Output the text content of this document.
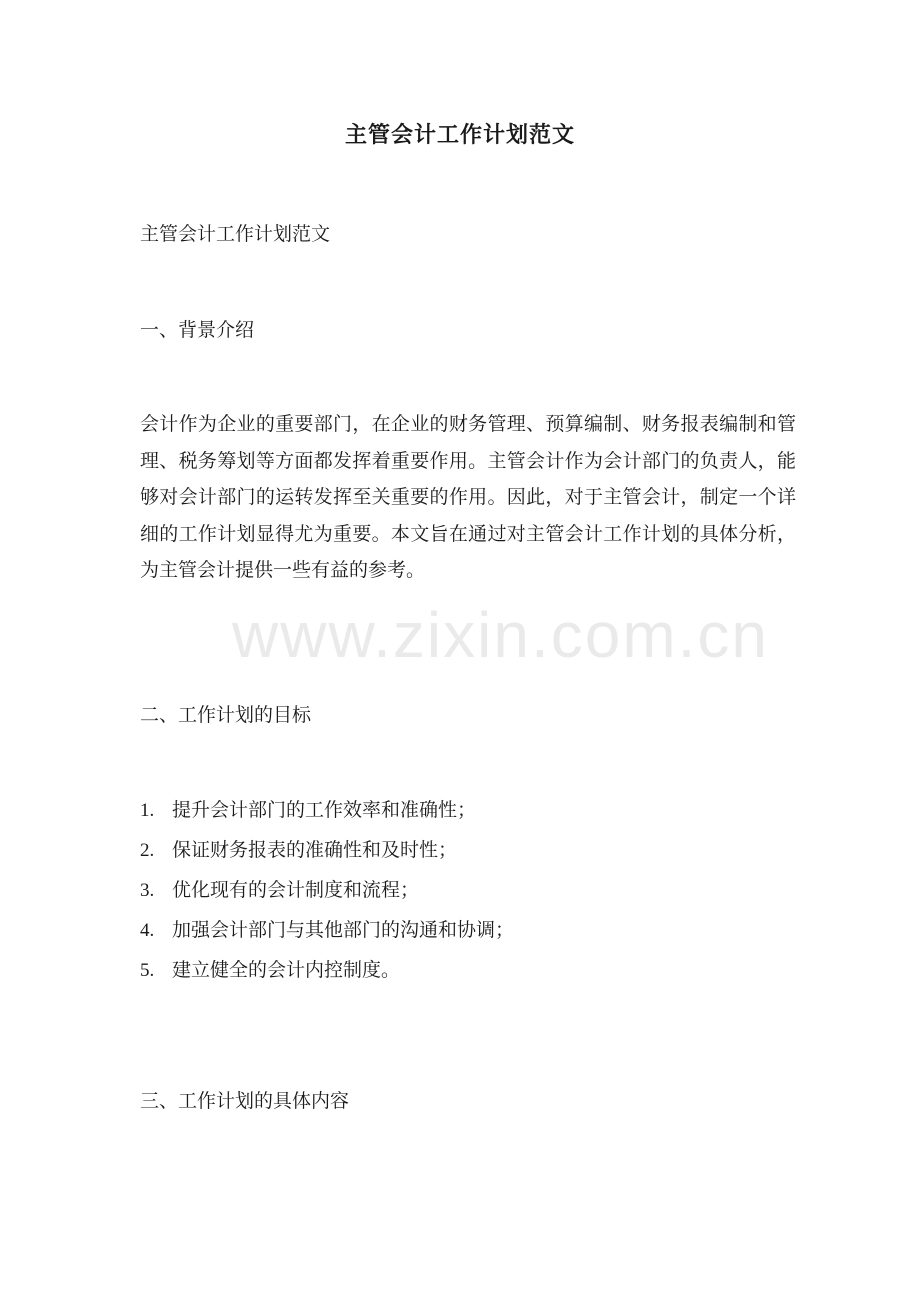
主管会计工作计划范文

主管会计工作计划范文

一、背景介绍

会计作为企业的重要部门，在企业的财务管理、预算编制、财务报表编制和管理、税务筹划等方面都发挥着重要作用。主管会计作为会计部门的负责人，能够对会计部门的运转发挥至关重要的作用。因此，对于主管会计，制定一个详细的工作计划显得尤为重要。本文旨在通过对主管会计工作计划的具体分析，为主管会计提供一些有益的参考。

二、工作计划的目标

1. 提升会计部门的工作效率和准确性；
2. 保证财务报表的准确性和及时性；
3. 优化现有的会计制度和流程；
4. 加强会计部门与其他部门的沟通和协调；
5. 建立健全的会计内控制度。

三、工作计划的具体内容

www.zixin.com.cn
